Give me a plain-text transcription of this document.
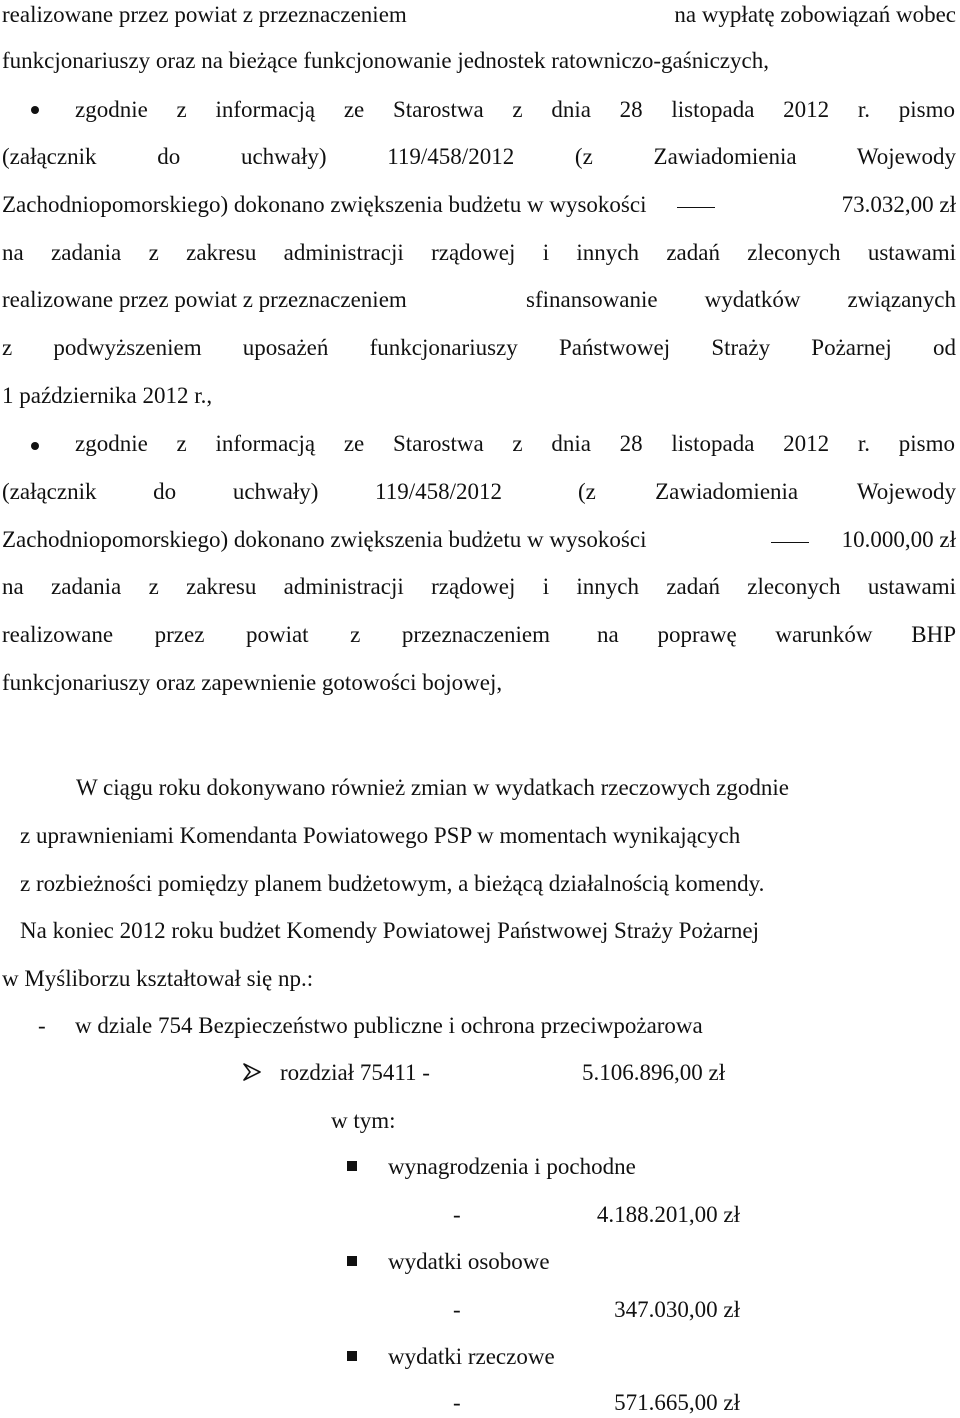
realizowane przez powiat z przeznaczeniem	na wypłatę zobowiązań wobec
funkcjonariuszy oraz na bieżące funkcjonowanie jednostek ratowniczo-gaśniczych,
zgodnie z informacją ze Starostwa z dnia 28 listopada 2012 r. pismo
(załącznik do uchwały) 119/458/2012 (z Zawiadomienia Wojewody
Zachodniopomorskiego) dokonano zwiększenia budżetu w wysokości	73.032,00 zł
na zadania z zakresu administracji rządowej i innych zadań zleconych ustawami
realizowane przez powiat z przeznaczeniem	sfinansowanie wydatków związanych
z podwyższeniem uposażeń funkcjonariuszy Państwowej Straży Pożarnej od
1 października 2012 r.,
zgodnie z informacją ze Starostwa z dnia 28 listopada 2012 r. pismo
(załącznik do uchwały) 119/458/2012	(z Zawiadomienia Wojewody
Zachodniopomorskiego) dokonano zwiększenia budżetu w wysokości	10.000,00 zł
na zadania z zakresu administracji rządowej i innych zadań zleconych ustawami
realizowane przez powiat z przeznaczeniem na poprawę warunków BHP
funkcjonariuszy oraz zapewnienie gotowości bojowej,
W ciągu roku dokonywano również zmian w wydatkach rzeczowych zgodnie
z uprawnieniami Komendanta Powiatowego PSP w momentach wynikających
z rozbieżności pomiędzy planem budżetowym, a bieżącą działalnością komendy.
Na koniec 2012 roku budżet Komendy Powiatowej Państwowej Straży Pożarnej
w Myśliborzu kształtował się np.:
- w dziale 754 Bezpieczeństwo publiczne i ochrona przeciwpożarowa
rozdział 75411 -	5.106.896,00 zł
w tym:
wynagrodzenia i pochodne
-	4.188.201,00 zł
wydatki osobowe
-	347.030,00 zł
wydatki rzeczowe
-	571.665,00 zł
